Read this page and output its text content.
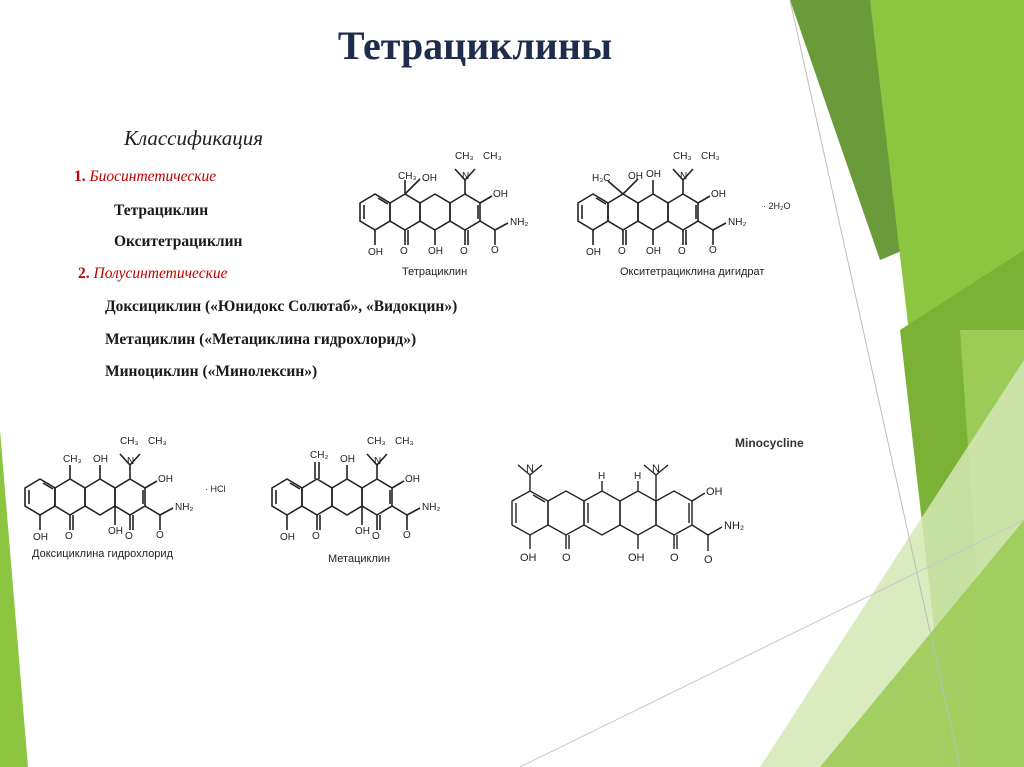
Тетрациклины
Классификация
1. Биосинтетические
Тетрациклин
Окситетрациклин
2. Полусинтетические
Доксициклин («Юнидокс Солютаб», «Видокцин»)
Метациклин («Метациклина гидрохлорид»)
Миноциклин («Минолексин»)
CH₃ CH₃
N
CH₃ OH
OH
NH₂
O
OH O OH O
Тетрациклин
CH₃ CH₃
N
H₃C OH OH
OH
NH₂
O
OH O OH O
· 2H₂O
Окситетрациклина дигидрат
CH₃ CH₃
N
CH₃ OH
OH
NH₂
O
OH O	OH O
· HCl
Доксициклина гидрохлорид
CH₃ CH₃
N
CH₂ OH
OH
NH₂
O
OH O	OH O
Метациклин
Minocycline
N	N
H	H
OH
NH₂
O
OH O	OH O
